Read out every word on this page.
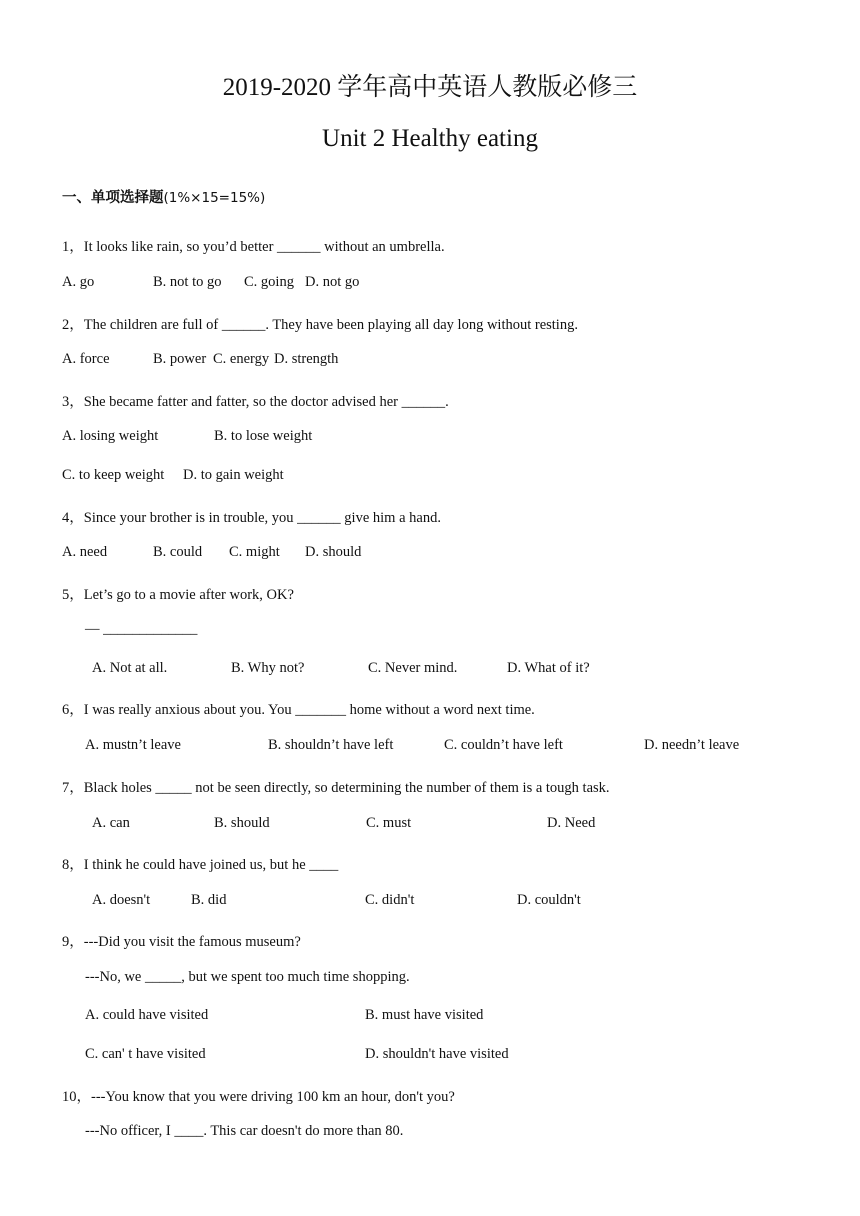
2019-2020 学年高中英语人教版必修三
Unit 2 Healthy eating
一、单项选择题(1%×15=15%)
1，It looks like rain, so you’d better ______ without an umbrella.
A. go	B. not to go C. going D. not go
2，The children are full of ______. They have been playing all day long without resting.
A. force	B. power C. energy D. strength
3，She became fatter and fatter, so the doctor advised her ______.
A. losing weight	B. to lose weight
C. to keep weight D. to gain weight
4，Since your brother is in trouble, you ______ give him a hand.
A. need	B. could C. might D. should
5，Let’s go to a movie after work, OK?
— _____________
A. Not at all.	B. Why not?	C. Never mind.	D. What of it?
6，I was really anxious about you. You _______ home without a word next time.
A. mustn’t leave	B. shouldn’t have left	C. couldn’t have left	D. needn’t leave
7，Black holes _____ not be seen directly, so determining the number of them is a tough task.
A. can	B. should	C. must	D. Need
8，I think he could have joined us, but he ____
A. doesn't	B. did	C. didn't	D. couldn't
9，---Did you visit the famous museum?
---No, we _____, but we spent too much time shopping.
A. could have visited	B. must have visited
C. can' t have visited	D. shouldn't have visited
10，---You know that you were driving 100 km an hour, don't you?
---No officer, I ____. This car doesn't do more than 80.
